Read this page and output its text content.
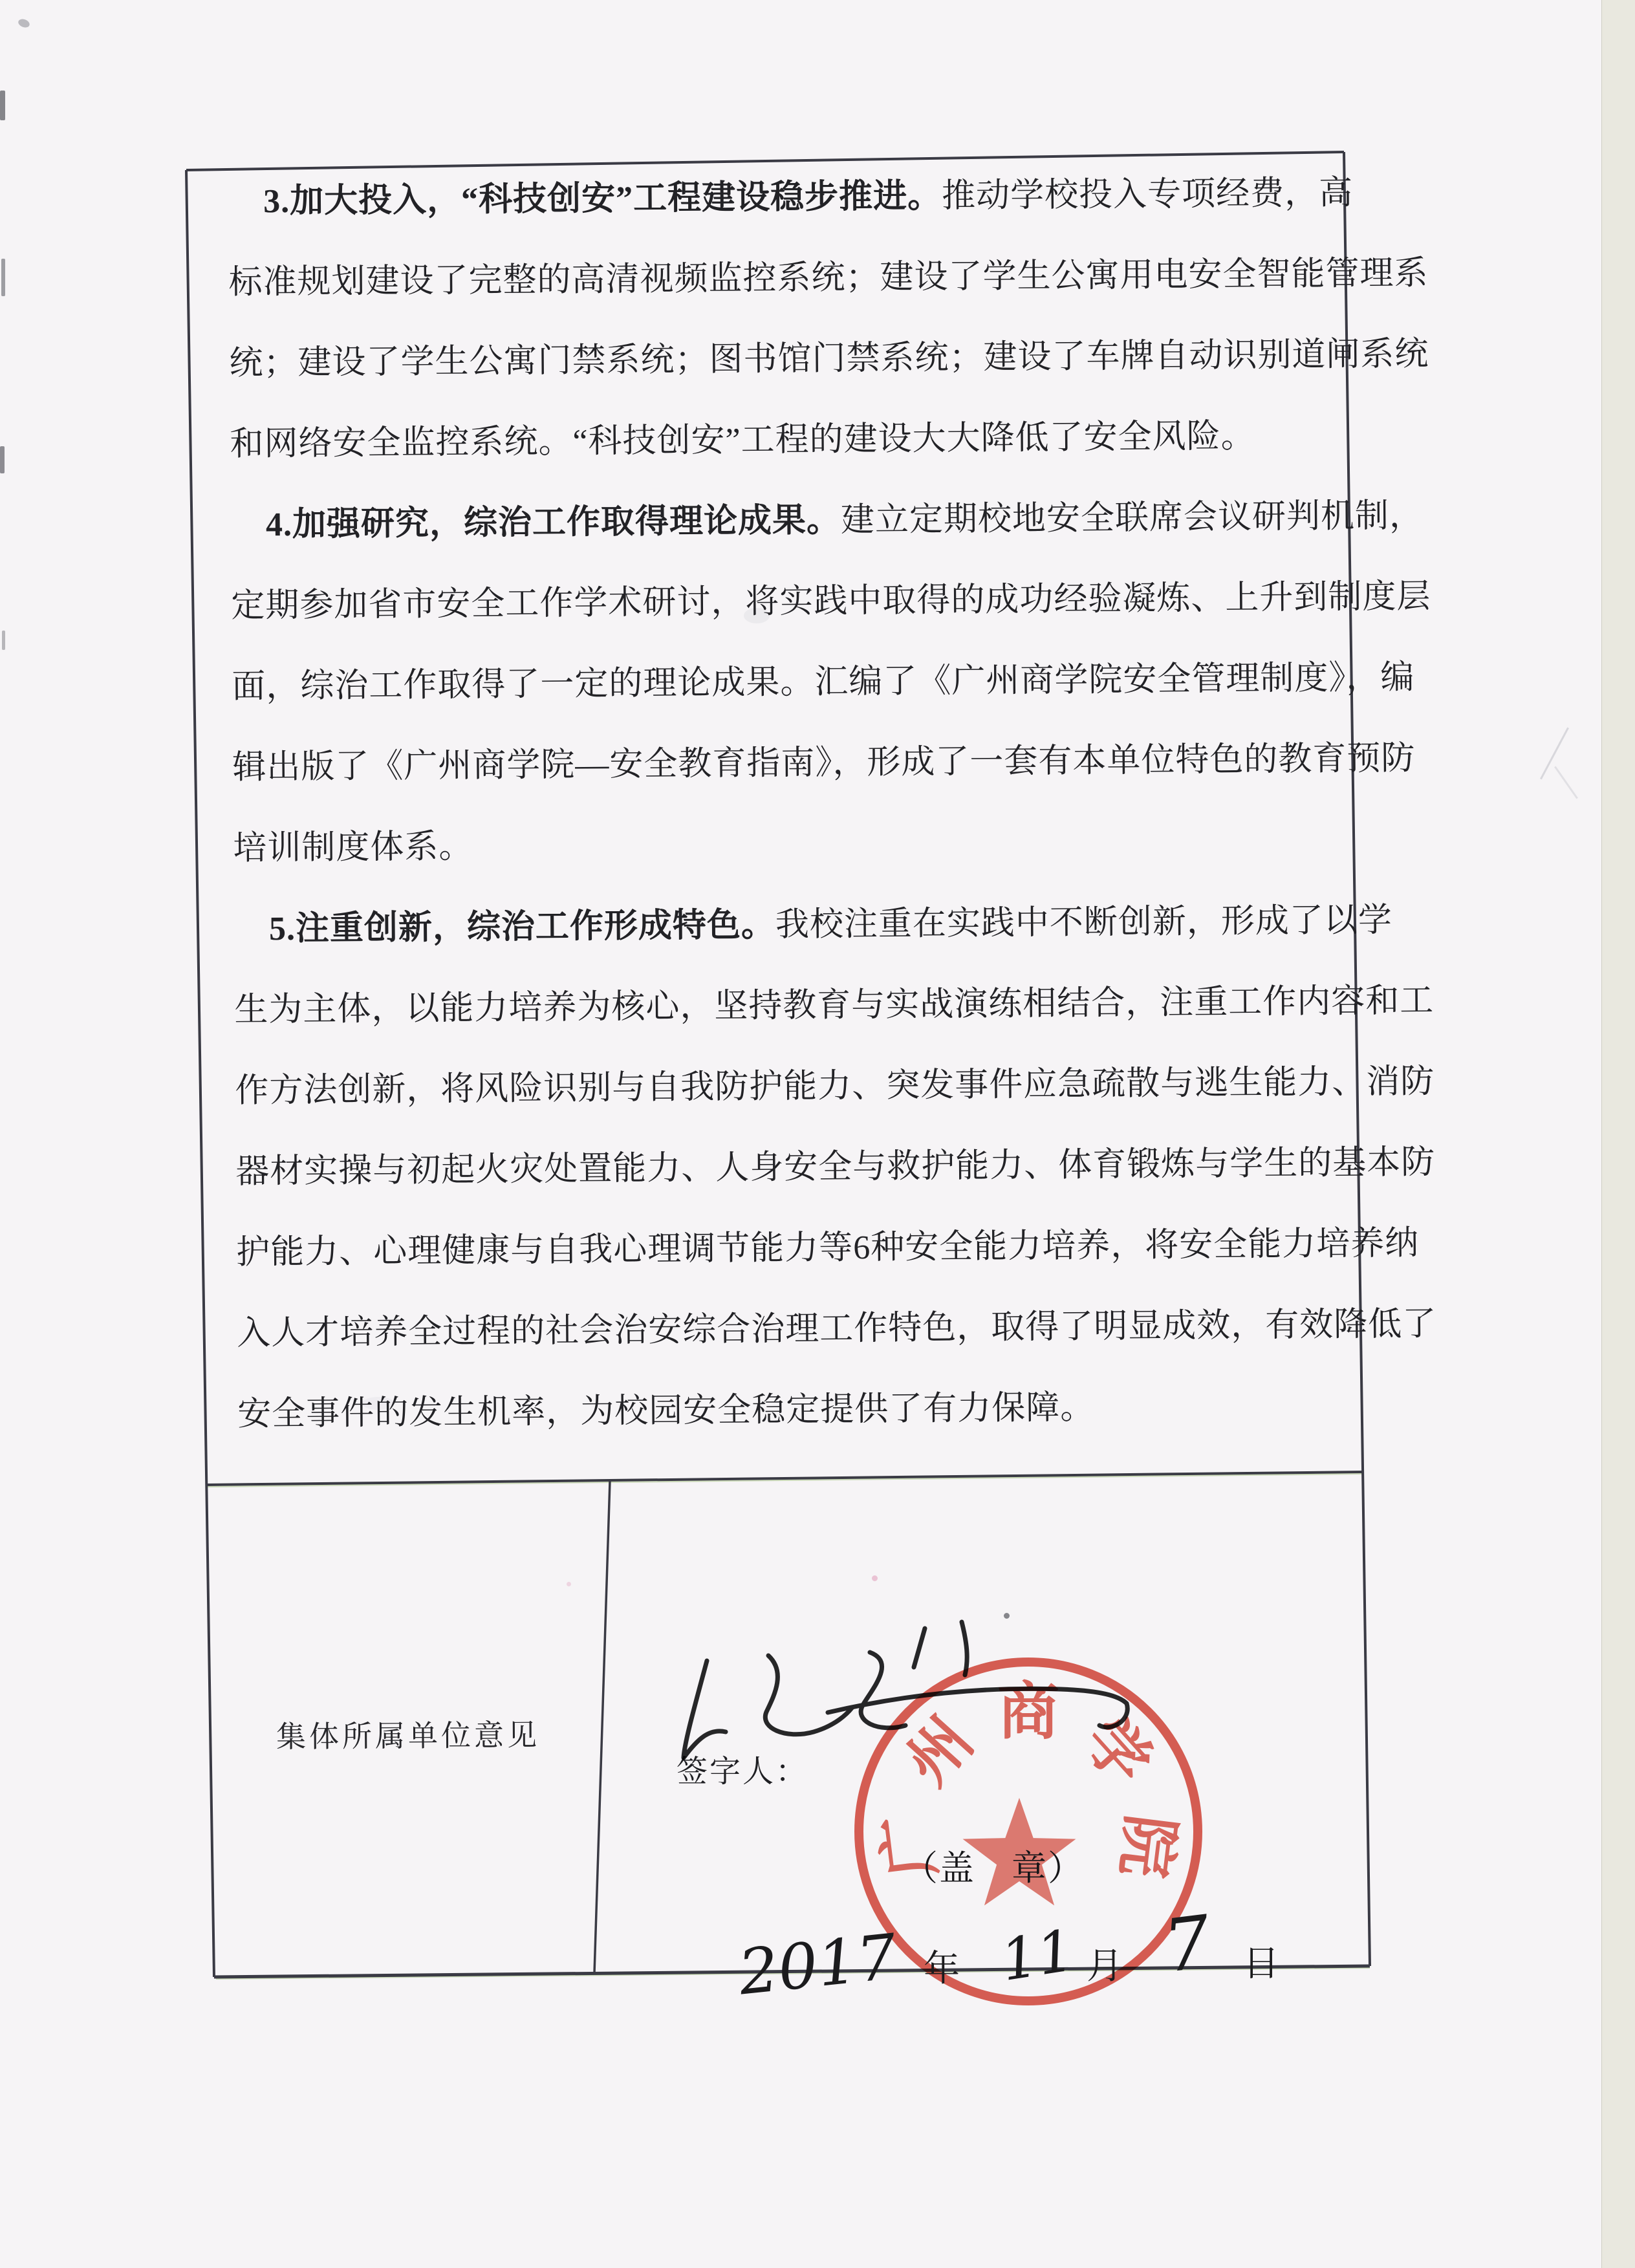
3.加大投入，“科技创安”工程建设稳步推进。推动学校投入专项经费，高
标准规划建设了完整的高清视频监控系统；建设了学生公寓用电安全智能管理系
统；建设了学生公寓门禁系统；图书馆门禁系统；建设了车牌自动识别道闸系统
和网络安全监控系统。“科技创安”工程的建设大大降低了安全风险。
4.加强研究，综治工作取得理论成果。建立定期校地安全联席会议研判机制，
定期参加省市安全工作学术研讨，将实践中取得的成功经验凝炼、上升到制度层
面，综治工作取得了一定的理论成果。汇编了《广州商学院安全管理制度》，编
辑出版了《广州商学院—安全教育指南》，形成了一套有本单位特色的教育预防
培训制度体系。
5.注重创新，综治工作形成特色。我校注重在实践中不断创新，形成了以学
生为主体，以能力培养为核心，坚持教育与实战演练相结合，注重工作内容和工
作方法创新，将风险识别与自我防护能力、突发事件应急疏散与逃生能力、消防
器材实操与初起火灾处置能力、人身安全与救护能力、体育锻炼与学生的基本防
护能力、心理健康与自我心理调节能力等6种安全能力培养，将安全能力培养纳
入人才培养全过程的社会治安综合治理工作特色，取得了明显成效，有效降低了
安全事件的发生机率，为校园安全稳定提供了有力保障。
集体所属单位意见
签字人：
广
州 商 学
院
（盖　章）
2017 年 11 月 7 日
